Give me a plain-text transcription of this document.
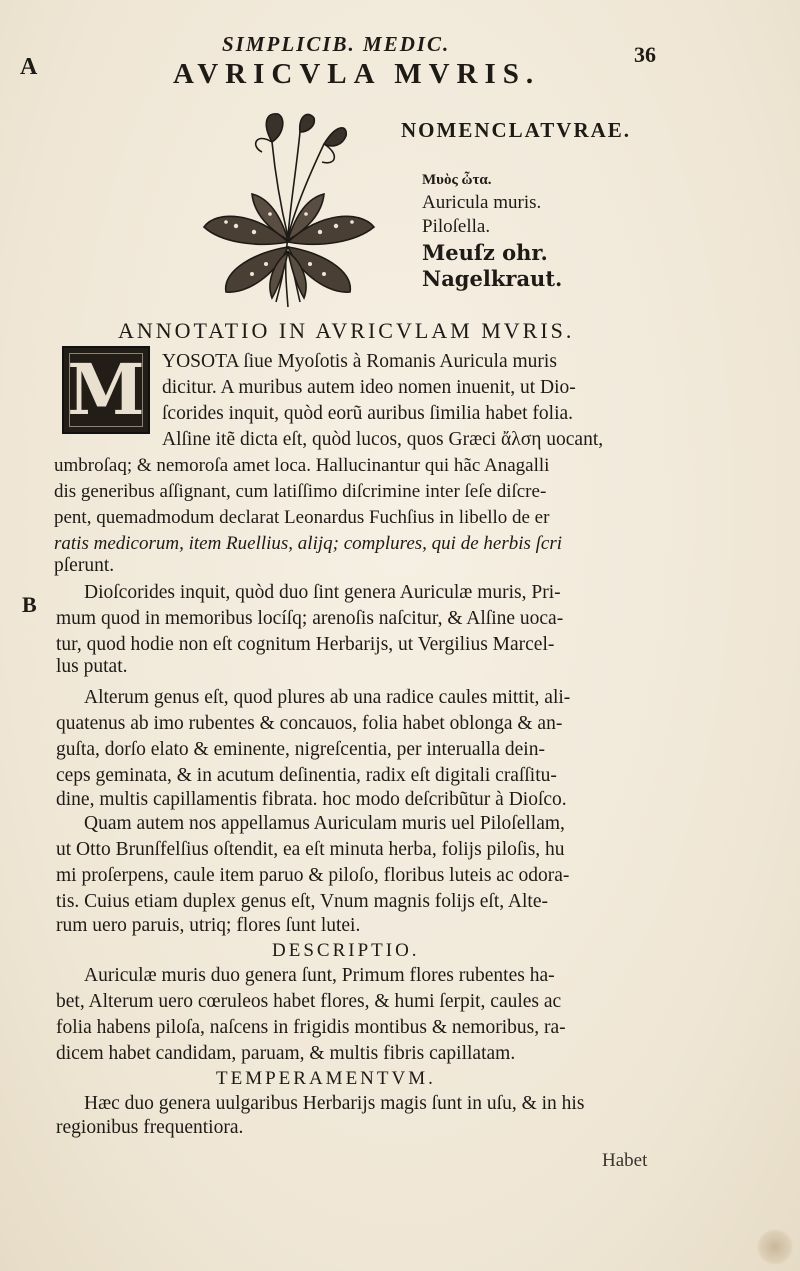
A
SIMPLICIB. MEDIC.	36
AVRICVLA MVRIS.
NOMENCLATVRAE.
Μυὸς ὦτα.
Auricula muris.
Piloſella.
Meuſz ohr.
Nagelkraut.
ANNOTATIO IN AVRICVLAM MVRIS.
M YOSOTA ſiue Myoſotis à Romanis Auricula muris
dicitur. A muribus autem ideo nomen inuenit, ut Dio-
ſcorides inquit, quòd eorũ auribus ſimilia habet folia.
Alſine itẽ dicta eſt, quòd lucos, quos Græci ἄλση uocant,
umbroſaq; & nemoroſa amet loca. Hallucinantur qui hãc Anagalli
dis generibus aſſignant, cum latiſſimo diſcrimine inter ſeſe diſcre-
pent, quemadmodum declarat Leonardus Fuchſius in libello de er
ratis medicorum, item Ruellius, alijq; complures, qui de herbis ſcri
pſerunt.
B Dioſcorides inquit, quòd duo ſint genera Auriculæ muris, Pri-
mum quod in memoribus locíſq; arenoſis naſcitur, & Alſine uoca-
tur, quod hodie non eſt cognitum Herbarijs, ut Vergilius Marcel-
lus putat.
Alterum genus eſt, quod plures ab una radice caules mittit, ali-
quatenus ab imo rubentes & concauos, folia habet oblonga & an-
guſta, dorſo elato & eminente, nigreſcentia, per interualla dein-
ceps geminata, & in acutum deſinentia, radix eſt digitali craſſitu-
dine, multis capillamentis fibrata. hoc modo deſcribũtur à Dioſco.
Quam autem nos appellamus Auriculam muris uel Piloſellam,
ut Otto Brunſfelſius oſtendit, ea eſt minuta herba, folijs piloſis, hu
mi proſerpens, caule item paruo & piloſo, floribus luteis ac odora-
tis. Cuius etiam duplex genus eſt, Vnum magnis folijs eſt, Alte-
rum uero paruis, utriq; flores ſunt lutei.
DESCRIPTIO.
Auriculæ muris duo genera ſunt, Primum flores rubentes ha-
bet, Alterum uero cœruleos habet flores, & humi ſerpit, caules ac
folia habens piloſa, naſcens in frigidis montibus & nemoribus, ra-
dicem habet candidam, paruam, & multis fibris capillatam.
TEMPERAMENTVM.
Hæc duo genera uulgaribus Herbarijs magis ſunt in uſu, & in his
regionibus frequentiora.
Habet
